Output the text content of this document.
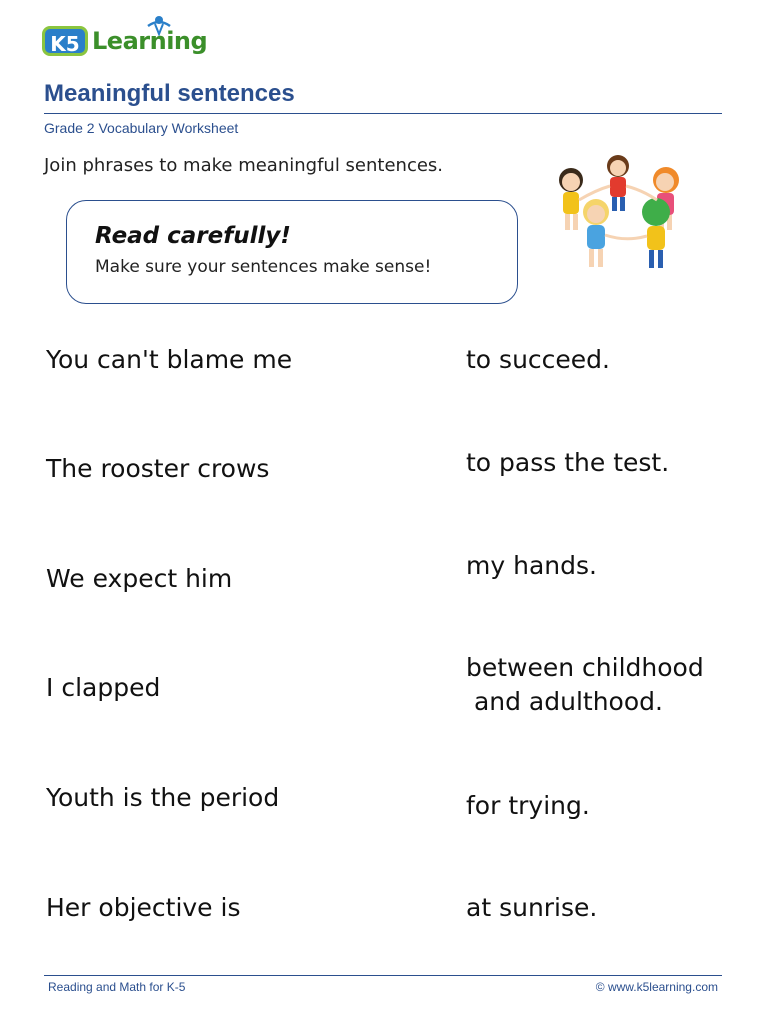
K5 Learning
Meaningful sentences
Grade 2 Vocabulary Worksheet
Join phrases to make meaningful sentences.
Read carefully!
Make sure your sentences make sense!
You can't blame me
The rooster crows
We expect him
I clapped
Youth is the period
Her objective is
to succeed.
to pass the test.
my hands.
between childhood
and adulthood.
for trying.
at sunrise.
Reading and Math for K-5	© www.k5learning.com
